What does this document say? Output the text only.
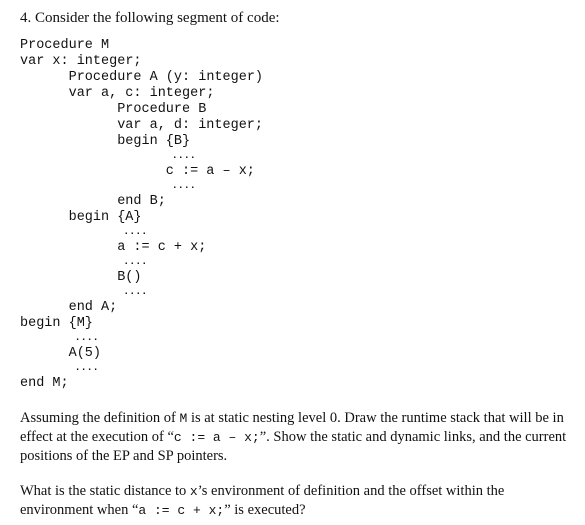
4. Consider the following segment of code:
Procedure M
var x: integer;
Procedure A (y: integer)
var a, c: integer;
Procedure B
var a, d: integer;
begin {B}
....
c := a – x;
....
end B;
begin {A}
....
a := c + x;
....
B()
....
end A;
begin {M}
....
A(5)
....
end M;

Assuming the definition of M is at static nesting level 0. Draw the runtime stack that will be in effect at the execution of “c := a – x;”. Show the static and dynamic links, and the current positions of the EP and SP pointers.

What is the static distance to x’s environment of definition and the offset within the environment when “a := c + x;” is executed?
